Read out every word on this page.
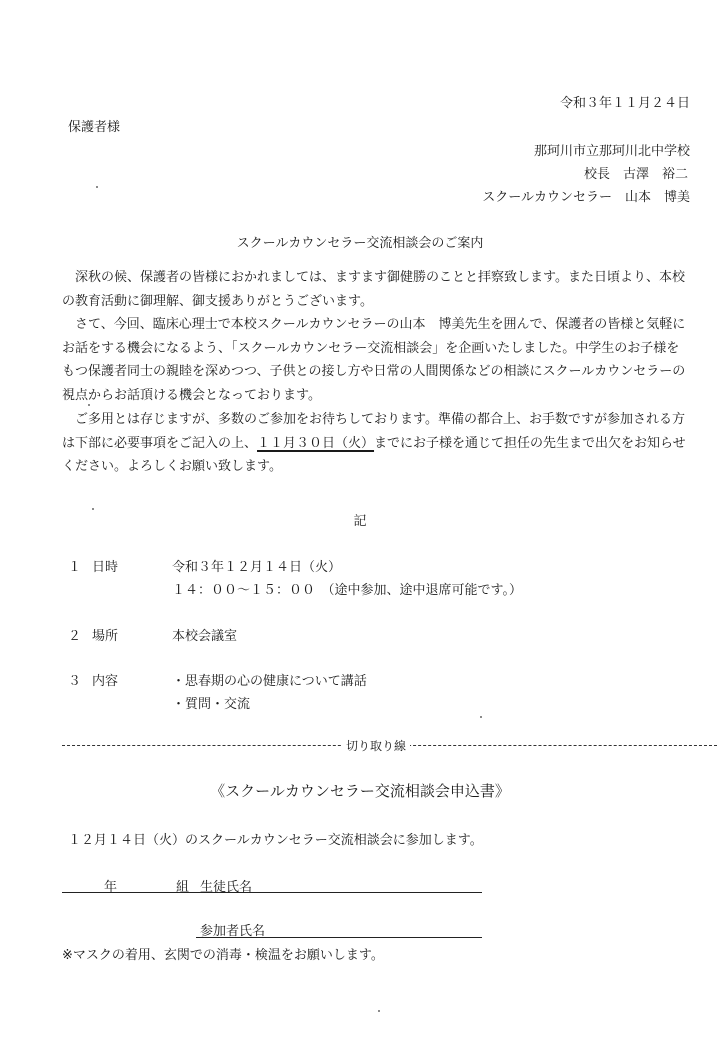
令和３年１１月２４日
保護者様
那珂川市立那珂川北中学校
校長　古澤　裕二
スクールカウンセラー　山本　博美
スクールカウンセラー交流相談会のご案内

深秋の候、保護者の皆様におかれましては、ますます御健勝のことと拝察致します。また日頃より、本校の教育活動に御理解、御支援ありがとうございます。

さて、今回、臨床心理士で本校スクールカウンセラーの山本　博美先生を囲んで、保護者の皆様と気軽にお話をする機会になるよう、「スクールカウンセラー交流相談会」を企画いたしました。中学生のお子様をもつ保護者同士の親睦を深めつつ、子供との接し方や日常の人間関係などの相談にスクールカウンセラーの視点からお話頂ける機会となっております。

ご多用とは存じますが、多数のご参加をお待ちしております。準備の都合上、お手数ですが参加される方は下部に必要事項をご記入の上、１１月３０日（火）までにお子様を通じて担任の先生まで出欠をお知らせください。よろしくお願い致します。

記
１ 日時	令和３年１２月１４日（火）
１４：００～１５：００　（途中参加、途中退席可能です。）
２ 場所	本校会議室
３ 内容	・思春期の心の健康について講話
・質問・交流
切り取り線
《スクールカウンセラー交流相談会申込書》
１２月１４日（火）のスクールカウンセラー交流相談会に参加します。
年	組 生徒氏名
参加者氏名
※マスクの着用、玄関での消毒・検温をお願いします。
